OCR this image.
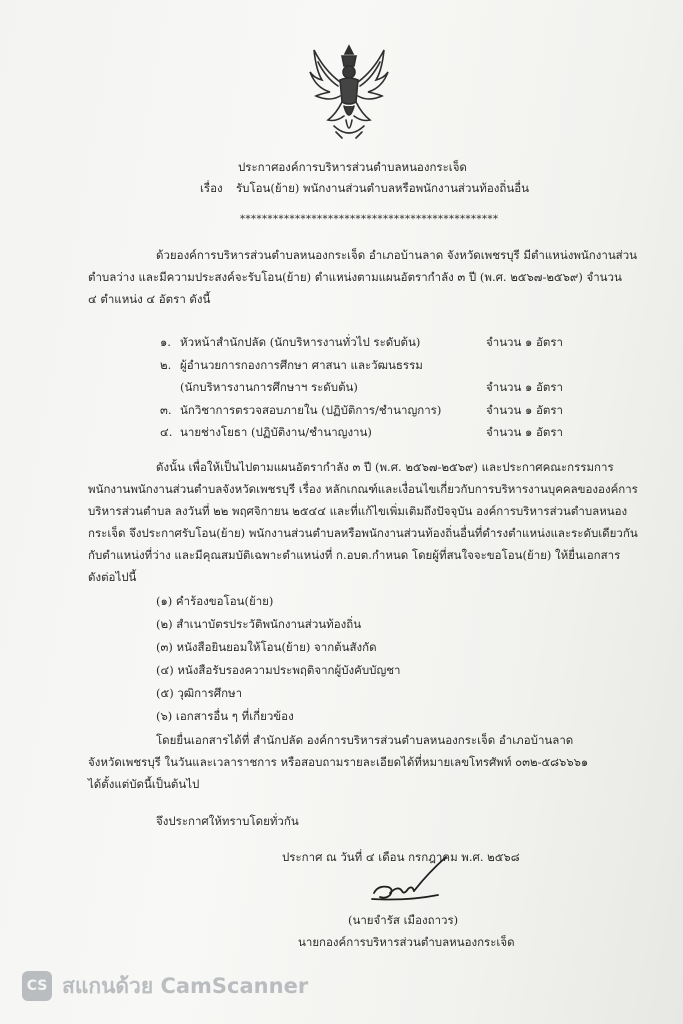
ประกาศองค์การบริหารส่วนตำบลหนองกระเจ็ด
เรื่อง รับโอน(ย้าย) พนักงานส่วนตำบลหรือพนักงานส่วนท้องถิ่นอื่น
***********************************************
ด้วยองค์การบริหารส่วนตำบลหนองกระเจ็ด อำเภอบ้านลาด จังหวัดเพชรบุรี มีตำแหน่งพนักงานส่วน
ตำบลว่าง และมีความประสงค์จะรับโอน(ย้าย) ตำแหน่งตามแผนอัตรากำลัง ๓ ปี (พ.ศ. ๒๕๖๗-๒๕๖๙) จำนวน
๔ ตำแหน่ง ๔ อัตรา ดังนี้
๑. หัวหน้าสำนักปลัด (นักบริหารงานทั่วไป ระดับต้น)	จำนวน ๑ อัตรา
๒. ผู้อำนวยการกองการศึกษา ศาสนา และวัฒนธรรม
(นักบริหารงานการศึกษาฯ ระดับต้น)	จำนวน ๑ อัตรา
๓. นักวิชาการตรวจสอบภายใน (ปฏิบัติการ/ชำนาญการ)	จำนวน ๑ อัตรา
๔. นายช่างโยธา (ปฏิบัติงาน/ชำนาญงาน)	จำนวน ๑ อัตรา
ดังนั้น เพื่อให้เป็นไปตามแผนอัตรากำลัง ๓ ปี (พ.ศ. ๒๕๖๗-๒๕๖๙) และประกาศคณะกรรมการ
พนักงานพนักงานส่วนตำบลจังหวัดเพชรบุรี เรื่อง หลักเกณฑ์และเงื่อนไขเกี่ยวกับการบริหารงานบุคคลขององค์การ
บริหารส่วนตำบล ลงวันที่ ๒๒ พฤศจิกายน ๒๕๔๔ และที่แก้ไขเพิ่มเติมถึงปัจจุบัน องค์การบริหารส่วนตำบลหนอง
กระเจ็ด จึงประกาศรับโอน(ย้าย) พนักงานส่วนตำบลหรือพนักงานส่วนท้องถิ่นอื่นที่ดำรงตำแหน่งและระดับเดียวกัน
กับตำแหน่งที่ว่าง และมีคุณสมบัติเฉพาะตำแหน่งที่ ก.อบต.กำหนด โดยผู้ที่สนใจจะขอโอน(ย้าย) ให้ยื่นเอกสาร
ดังต่อไปนี้
(๑) คำร้องขอโอน(ย้าย)
(๒) สำเนาบัตรประวัติพนักงานส่วนท้องถิ่น
(๓) หนังสือยินยอมให้โอน(ย้าย) จากต้นสังกัด
(๔) หนังสือรับรองความประพฤติจากผู้บังคับบัญชา
(๕) วุฒิการศึกษา
(๖) เอกสารอื่น ๆ ที่เกี่ยวข้อง
โดยยื่นเอกสารได้ที่ สำนักปลัด องค์การบริหารส่วนตำบลหนองกระเจ็ด อำเภอบ้านลาด
จังหวัดเพชรบุรี ในวันและเวลาราชการ หรือสอบถามรายละเอียดได้ที่หมายเลขโทรศัพท์ ๐๓๒-๕๘๖๖๖๑
ได้ตั้งแต่บัดนี้เป็นต้นไป
จึงประกาศให้ทราบโดยทั่วกัน
ประกาศ ณ วันที่ ๔ เดือน กรกฎาคม พ.ศ. ๒๕๖๘
(นายจำรัส เมืองถาวร)
นายกองค์การบริหารส่วนตำบลหนองกระเจ็ด
CS สแกนด้วย CamScanner
